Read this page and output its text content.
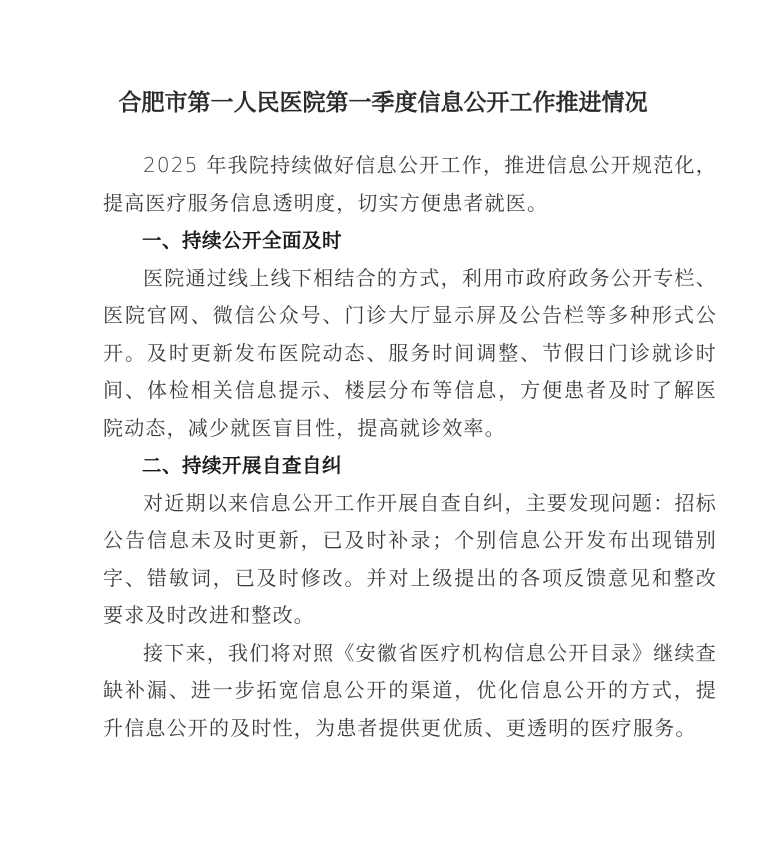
合肥市第一人民医院第一季度信息公开工作推进情况

2025 年我院持续做好信息公开工作，推进信息公开规范化，提高医疗服务信息透明度，切实方便患者就医。

一、持续公开全面及时

医院通过线上线下相结合的方式，利用市政府政务公开专栏、医院官网、微信公众号、门诊大厅显示屏及公告栏等多种形式公开。及时更新发布医院动态、服务时间调整、节假日门诊就诊时间、体检相关信息提示、楼层分布等信息，方便患者及时了解医院动态，减少就医盲目性，提高就诊效率。

二、持续开展自查自纠

对近期以来信息公开工作开展自查自纠，主要发现问题：招标公告信息未及时更新，已及时补录；个别信息公开发布出现错别字、错敏词，已及时修改。并对上级提出的各项反馈意见和整改要求及时改进和整改。

接下来，我们将对照《安徽省医疗机构信息公开目录》继续查缺补漏、进一步拓宽信息公开的渠道，优化信息公开的方式，提升信息公开的及时性，为患者提供更优质、更透明的医疗服务。
